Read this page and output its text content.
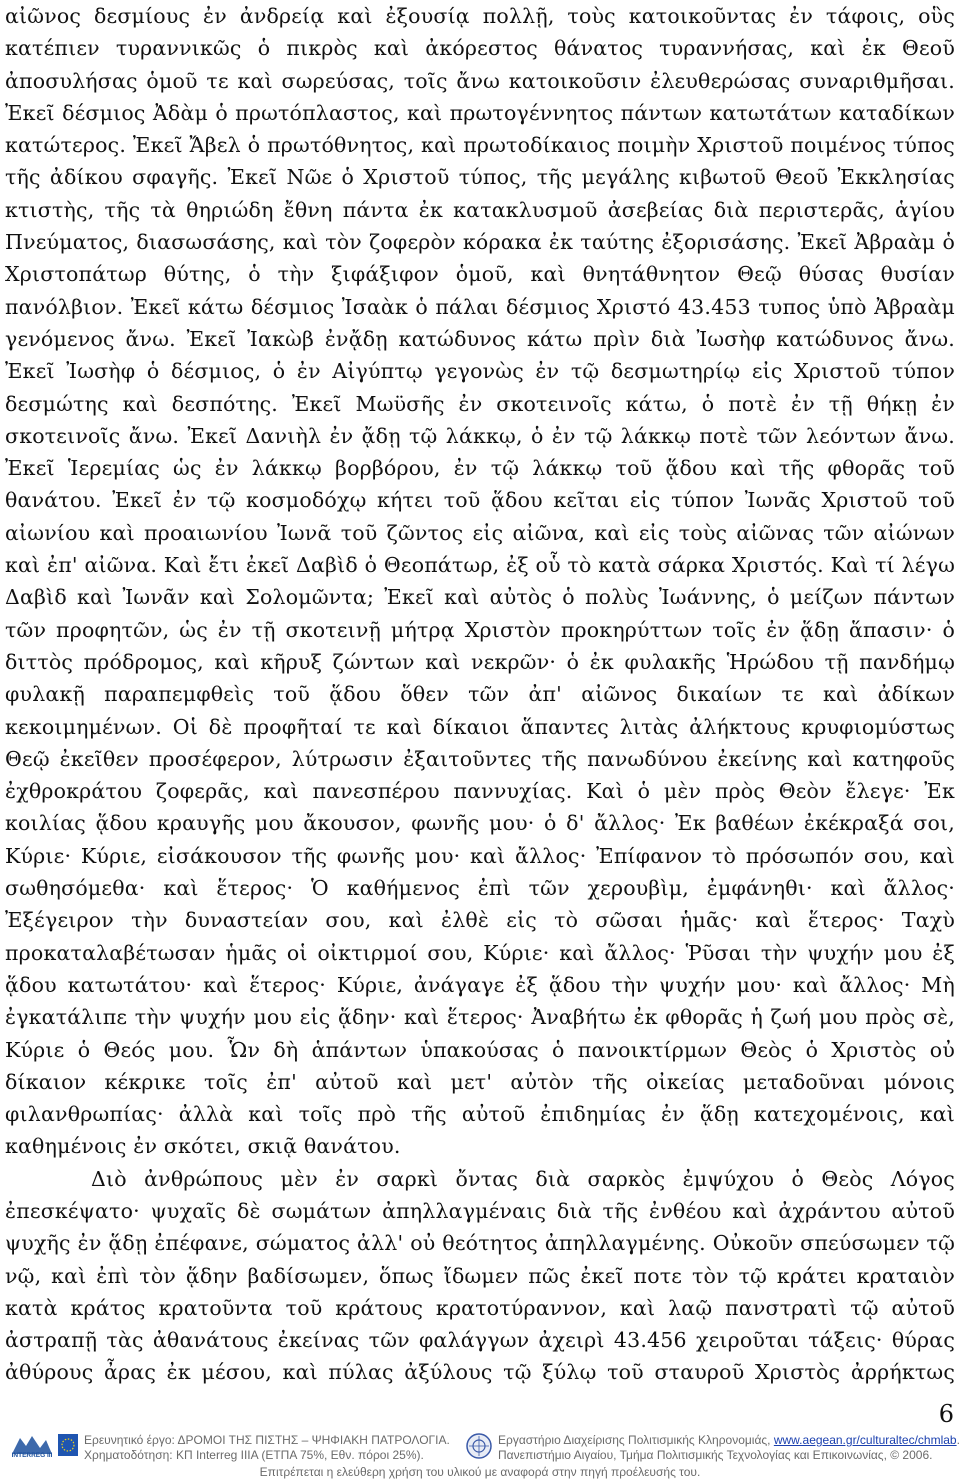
αἰῶνος δεσμίους ἐν ἀνδρείᾳ καὶ ἐξουσίᾳ πολλῇ, τοὺς κατοικοῦντας ἐν τάφοις, οὓς κατέπιεν τυραννικῶς ὁ πικρὸς καὶ ἀκόρεστος θάνατος τυραννήσας, καὶ ἐκ Θεοῦ ἀποσυλήσας ὁμοῦ τε καὶ σωρεύσας, τοῖς ἄνω κατοικοῦσιν ἐλευθερώσας συναριθμῆσαι. Ἐκεῖ δέσμιος Ἀδὰμ ὁ πρωτόπλαστος, καὶ πρωτογέννητος πάντων κατωτάτων καταδίκων κατώτερος. Ἐκεῖ Ἄβελ ὁ πρωτόθνητος, καὶ πρωτοδίκαιος ποιμὴν Χριστοῦ ποιμένος τύπος τῆς ἀδίκου σφαγῆς. Ἐκεῖ Νῶε ὁ Χριστοῦ τύπος, τῆς μεγάλης κιβωτοῦ Θεοῦ Ἐκκλησίας κτιστὴς, τῆς τὰ θηριώδη ἔθνη πάντα ἐκ κατακλυσμοῦ ἀσεβείας διὰ περιστερᾶς, ἁγίου Πνεύματος, διασωσάσης, καὶ τὸν ζοφερὸν κόρακα ἐκ ταύτης ἐξορισάσης. Ἐκεῖ Ἀβραὰμ ὁ Χριστοπάτωρ θύτης, ὁ τὴν ξιφάξιφον ὁμοῦ, καὶ θνητάθνητον Θεῷ θύσας θυσίαν πανόλβιον. Ἐκεῖ κάτω δέσμιος Ἰσαὰκ ὁ πάλαι δέσμιος Χριστό 43.453 τυπος ὑπὸ Ἀβραὰμ γενόμενος ἄνω. Ἐκεῖ Ἰακὼβ ἐνᾄδῃ κατώδυνος κάτω πρὶν διὰ Ἰωσὴφ κατώδυνος ἄνω. Ἐκεῖ Ἰωσὴφ ὁ δέσμιος, ὁ ἐν Αἰγύπτῳ γεγονὼς ἐν τῷ δεσμωτηρίῳ εἰς Χριστοῦ τύπον δεσμώτης καὶ δεσπότης. Ἐκεῖ Μωϋσῆς ἐν σκοτεινοῖς κάτω, ὁ ποτὲ ἐν τῇ θήκῃ ἐν σκοτεινοῖς ἄνω. Ἐκεῖ Δανιὴλ ἐν ᾄδῃ τῷ λάκκῳ, ὁ ἐν τῷ λάκκῳ ποτὲ τῶν λεόντων ἄνω. Ἐκεῖ Ἱερεμίας ὡς ἐν λάκκῳ βορβόρου, ἐν τῷ λάκκῳ τοῦ ᾅδου καὶ τῆς φθορᾶς τοῦ θανάτου. Ἐκεῖ ἐν τῷ κοσμοδόχῳ κήτει τοῦ ᾅδου κεῖται εἰς τύπον Ἰωνᾶς Χριστοῦ τοῦ αἰωνίου καὶ προαιωνίου Ἰωνᾶ τοῦ ζῶντος εἰς αἰῶνα, καὶ εἰς τοὺς αἰῶνας τῶν αἰώνων καὶ ἐπ' αἰῶνα. Καὶ ἔτι ἐκεῖ Δαβὶδ ὁ Θεοπάτωρ, ἐξ οὗ τὸ κατὰ σάρκα Χριστός. Καὶ τί λέγω Δαβὶδ καὶ Ἰωνᾶν καὶ Σολομῶντα; Ἐκεῖ καὶ αὐτὸς ὁ πολὺς Ἰωάννης, ὁ μείζων πάντων τῶν προφητῶν, ὡς ἐν τῇ σκοτεινῇ μήτρᾳ Χριστὸν προκηρύττων τοῖς ἐν ᾅδῃ ἅπασιν· ὁ διττὸς πρόδρομος, καὶ κῆρυξ ζώντων καὶ νεκρῶν· ὁ ἐκ φυλακῆς Ἡρώδου τῇ πανδήμῳ φυλακῇ παραπεμφθεὶς τοῦ ᾅδου ὅθεν τῶν ἀπ' αἰῶνος δικαίων τε καὶ ἀδίκων κεκοιμημένων. Οἱ δὲ προφῆταί τε καὶ δίκαιοι ἅπαντες λιτὰς ἀλήκτους κρυφιομύστως Θεῷ ἐκεῖθεν προσέφερον, λύτρωσιν ἐξαιτοῦντες τῆς πανωδύνου ἐκείνης καὶ κατηφοῦς ἐχθροκράτου ζοφερᾶς, καὶ πανεσπέρου παννυχίας. Καὶ ὁ μὲν πρὸς Θεὸν ἔλεγε· Ἐκ κοιλίας ᾅδου κραυγῆς μου ἄκουσον, φωνῆς μου· ὁ δ' ἄλλος· Ἐκ βαθέων ἐκέκραξά σοι, Κύριε· Κύριε, εἰσάκουσον τῆς φωνῆς μου· καὶ ἄλλος· Ἐπίφανον τὸ πρόσωπόν σου, καὶ σωθησόμεθα· καὶ ἕτερος· Ὁ καθήμενος ἐπὶ τῶν χερουβὶμ, ἐμφάνηθι· καὶ ἄλλος· Ἐξέγειρον τὴν δυναστείαν σου, καὶ ἐλθὲ εἰς τὸ σῶσαι ἡμᾶς· καὶ ἕτερος· Ταχὺ προκαταλαβέτωσαν ἡμᾶς οἱ οἰκτιρμοί σου, Κύριε· καὶ ἄλλος· Ῥῦσαι τὴν ψυχήν μου ἐξ ᾅδου κατωτάτου· καὶ ἕτερος· Κύριε, ἀνάγαγε ἐξ ᾅδου τὴν ψυχήν μου· καὶ ἄλλος· Μὴ ἐγκατάλιπε τὴν ψυχήν μου εἰς ᾅδην· καὶ ἕτερος· Ἀναβήτω ἐκ φθορᾶς ἡ ζωή μου πρὸς σὲ, Κύριε ὁ Θεός μου. Ὧν δὴ ἁπάντων ὑπακούσας ὁ πανοικτίρμων Θεὸς ὁ Χριστὸς οὐ δίκαιον κέκρικε τοῖς ἐπ' αὐτοῦ καὶ μετ' αὐτὸν τῆς οἰκείας μεταδοῦναι μόνοις φιλανθρωπίας· ἀλλὰ καὶ τοῖς πρὸ τῆς αὐτοῦ ἐπιδημίας ἐν ᾅδῃ κατεχομένοις, καὶ καθημένοις ἐν σκότει, σκιᾷ θανάτου.

Διὸ ἀνθρώπους μὲν ἐν σαρκὶ ὄντας διὰ σαρκὸς ἐμψύχου ὁ Θεὸς Λόγος ἐπεσκέψατο· ψυχαῖς δὲ σωμάτων ἀπηλλαγμέναις διὰ τῆς ἐνθέου καὶ ἀχράντου αὐτοῦ ψυχῆς ἐν ᾅδῃ ἐπέφανε, σώματος ἀλλ' οὐ θεότητος ἀπηλλαγμένης. Οὐκοῦν σπεύσωμεν τῷ νῷ, καὶ ἐπὶ τὸν ᾅδην βαδίσωμεν, ὅπως ἴδωμεν πῶς ἐκεῖ ποτε τὸν τῷ κράτει κραταιὸν κατὰ κράτος κρατοῦντα τοῦ κράτους κρατοτύραννον, καὶ λαῷ πανστρατὶ τῷ αὐτοῦ ἀστραπῇ τὰς ἀθανάτους ἐκείνας τῶν φαλάγγων ἀχειρὶ 43.456 χειροῦται τάξεις· θύρας ἀθύρους ἆρας ἐκ μέσου, καὶ πύλας ἀξύλους τῷ ξύλῳ τοῦ σταυροῦ Χριστὸς ἀρρήκτως

6
INTERREG III
Ερευνητικό έργο: ΔΡΟΜΟΙ ΤΗΣ ΠΙΣΤΗΣ – ΨΗΦΙΑΚΗ ΠΑΤΡΟΛΟΓΙΑ.
Χρηματοδότηση: ΚΠ Interreg IIIA (ΕΤΠΑ 75%, Εθν. πόροι 25%).
Εργαστήριο Διαχείρισης Πολιτισμικής Κληρονομιάς, www.aegean.gr/culturaltec/chmlab.
Πανεπιστήμιο Αιγαίου, Τμήμα Πολιτισμικής Τεχνολογίας και Επικοινωνίας, © 2006.
Επιτρέπεται η ελεύθερη χρήση του υλικού με αναφορά στην πηγή προέλευσής του.
